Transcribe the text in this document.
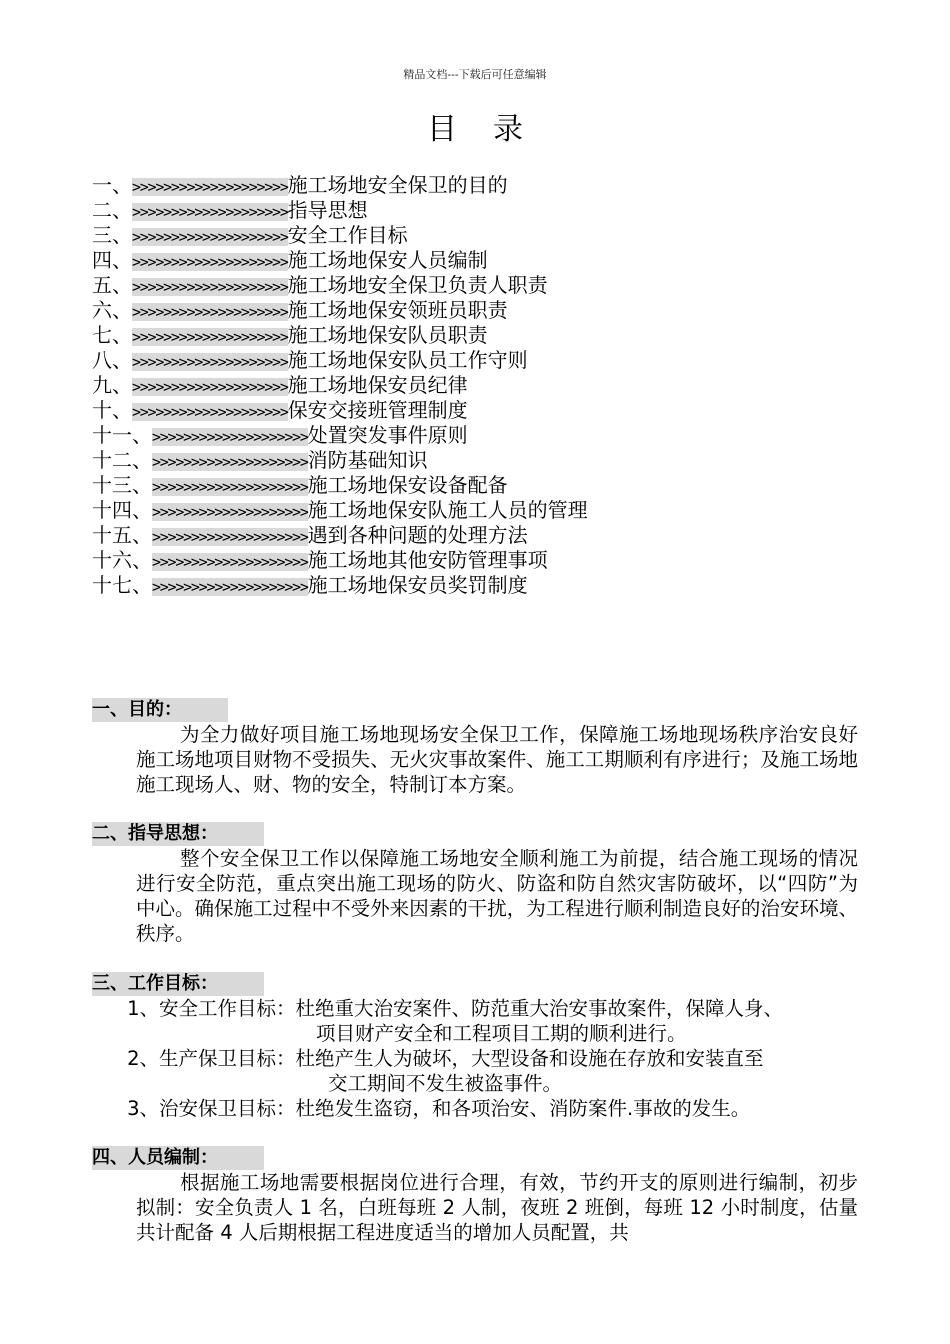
精品文档---下载后可任意编辑
目录
一、>>>>>>>>>>>>>>>>>>>>施工场地安全保卫的目的
二、>>>>>>>>>>>>>>>>>>>>指导思想
三、>>>>>>>>>>>>>>>>>>>>安全工作目标
四、>>>>>>>>>>>>>>>>>>>>施工场地保安人员编制
五、>>>>>>>>>>>>>>>>>>>>施工场地安全保卫负责人职责
六、>>>>>>>>>>>>>>>>>>>>施工场地保安领班员职责
七、>>>>>>>>>>>>>>>>>>>>施工场地保安队员职责
八、>>>>>>>>>>>>>>>>>>>>施工场地保安队员工作守则
九、>>>>>>>>>>>>>>>>>>>>施工场地保安员纪律
十、>>>>>>>>>>>>>>>>>>>>保安交接班管理制度
十一、>>>>>>>>>>>>>>>>>>>>处置突发事件原则
十二、>>>>>>>>>>>>>>>>>>>>消防基础知识
十三、>>>>>>>>>>>>>>>>>>>>施工场地保安设备配备
十四、>>>>>>>>>>>>>>>>>>>>施工场地保安队施工人员的管理
十五、>>>>>>>>>>>>>>>>>>>>遇到各种问题的处理方法
十六、>>>>>>>>>>>>>>>>>>>>施工场地其他安防管理事项
十七、>>>>>>>>>>>>>>>>>>>>施工场地保安员奖罚制度
一、目的：
为全力做好项目施工场地现场安全保卫工作，保障施工场地现场秩序治安良好施工场地项目财物不受损失、无火灾事故案件、施工工期顺利有序进行；及施工场地施工现场人、财、物的安全，特制订本方案。
二、指导思想：
整个安全保卫工作以保障施工场地安全顺利施工为前提，结合施工现场的情况进行安全防范，重点突出施工现场的防火、防盗和防自然灾害防破坏，以“四防”为中心。确保施工过程中不受外来因素的干扰，为工程进行顺利制造良好的治安环境、秩序。
三、工作目标：
1、安全工作目标：杜绝重大治安案件、防范重大治安事故案件，保障人身、
项目财产安全和工程项目工期的顺利进行。
2、生产保卫目标：杜绝产生人为破坏，大型设备和设施在存放和安装直至
交工期间不发生被盗事件。
3、治安保卫目标：杜绝发生盗窃，和各项治安、消防案件.事故的发生。
四、人员编制：
根据施工场地需要根据岗位进行合理，有效，节约开支的原则进行编制，初步拟制：安全负责人 1 名，白班每班 2 人制，夜班 2 班倒，每班 12 小时制度，估量共计配备 4 人后期根据工程进度适当的增加人员配置，共
